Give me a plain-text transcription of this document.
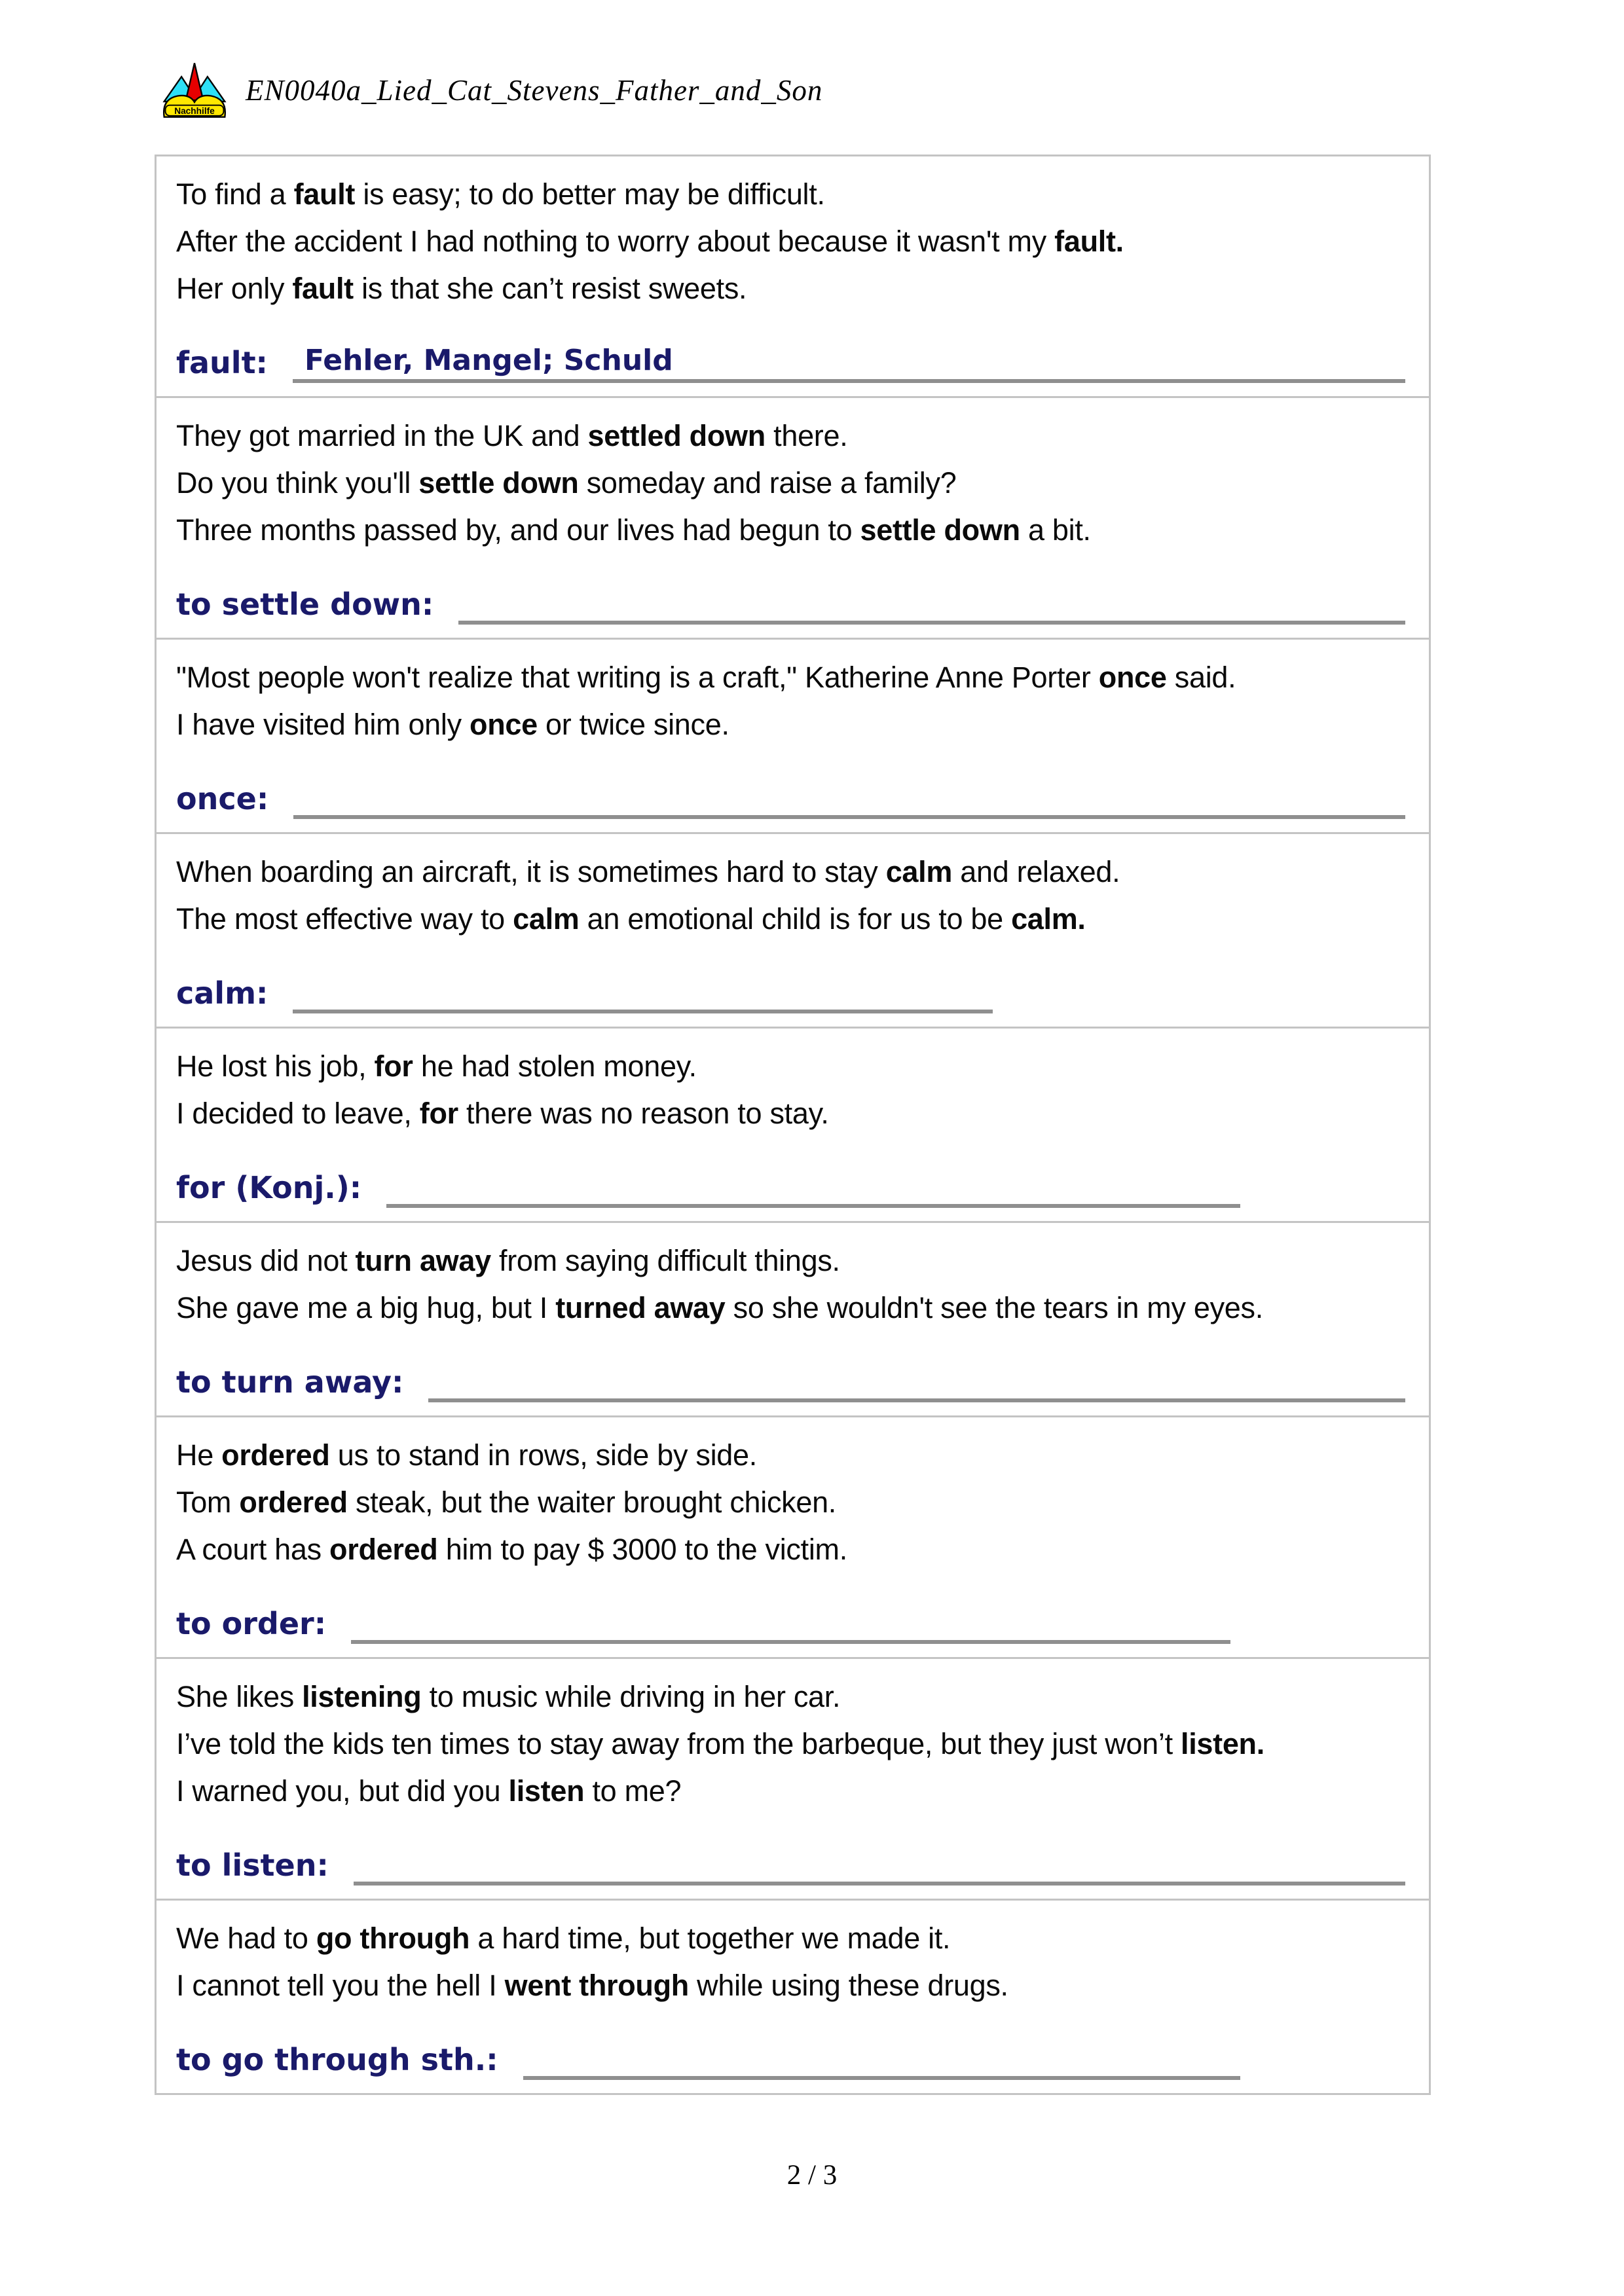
Nachhilfe
EN0040a_Lied_Cat_Stevens_Father_and_Son

To find a fault is easy; to do better may be difficult.

After the accident I had nothing to worry about because it wasn't my fault.

Her only fault is that she can’t resist sweets.

fault: Fehler, Mangel; Schuld

They got married in the UK and settled down there.

Do you think you'll settle down someday and raise a family?

Three months passed by, and our lives had begun to settle down a bit.

to settle down:

"Most people won't realize that writing is a craft," Katherine Anne Porter once said.

I have visited him only once or twice since.

once:

When boarding an aircraft, it is sometimes hard to stay calm and relaxed.

The most effective way to calm an emotional child is for us to be calm.

calm:

He lost his job, for he had stolen money.

I decided to leave, for there was no reason to stay.

for (Konj.):

Jesus did not turn away from saying difficult things.

She gave me a big hug, but I turned away so she wouldn't see the tears in my eyes.

to turn away:

He ordered us to stand in rows, side by side.

Tom ordered steak, but the waiter brought chicken.

A court has ordered him to pay $ 3000 to the victim.

to order:

She likes listening to music while driving in her car.

I’ve told the kids ten times to stay away from the barbeque, but they just won’t listen.

I warned you, but did you listen to me?

to listen:

We had to go through a hard time, but together we made it.

I cannot tell you the hell I went through while using these drugs.

to go through sth.:
2 / 3
